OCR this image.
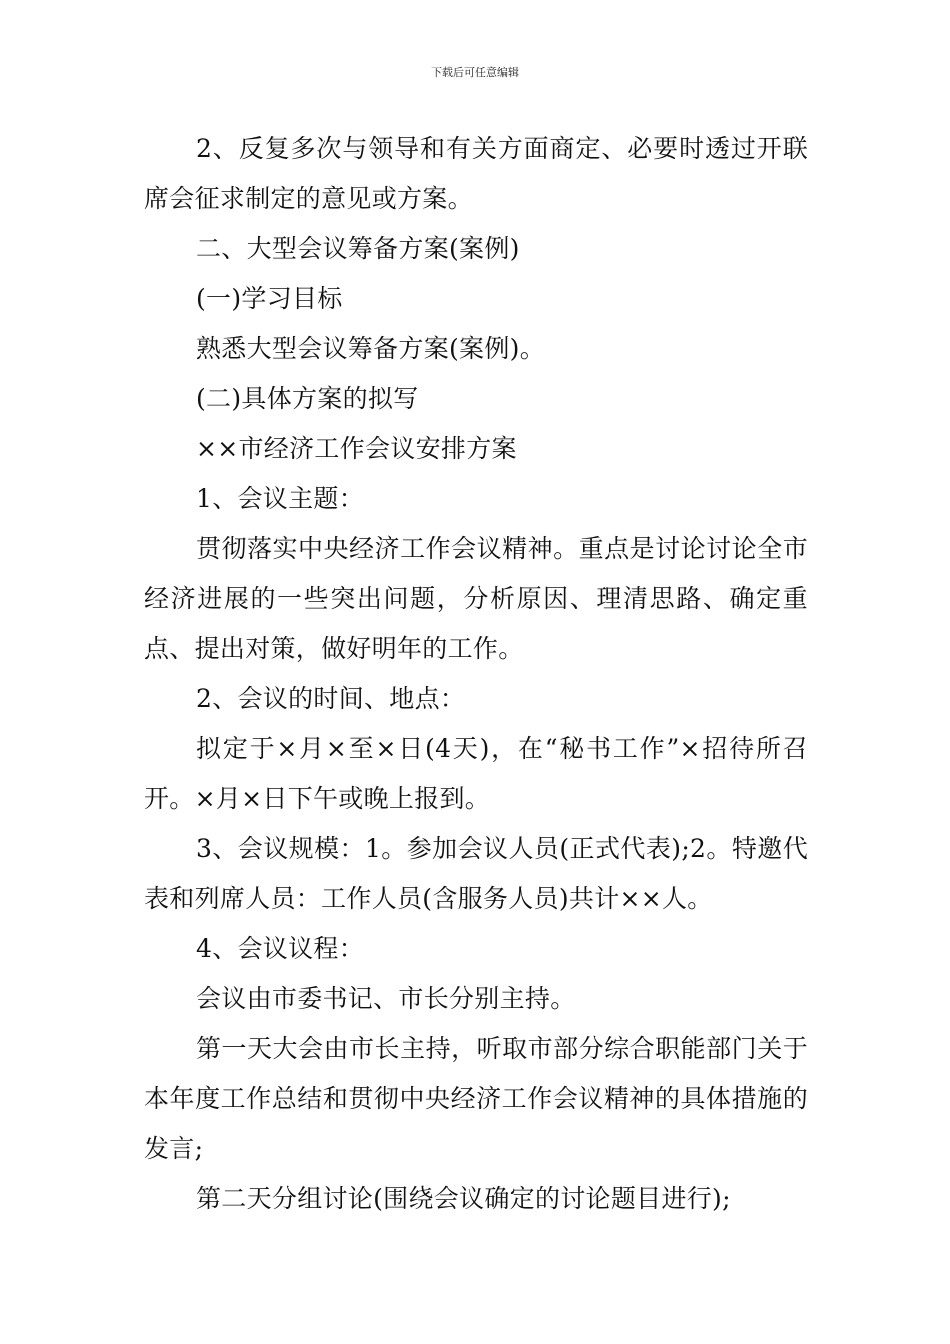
下载后可任意编辑

2、反复多次与领导和有关方面商定、必要时透过开联席会征求制定的意见或方案。

二、大型会议筹备方案(案例)

(一)学习目标

熟悉大型会议筹备方案(案例)。

(二)具体方案的拟写

××市经济工作会议安排方案

1、会议主题：

贯彻落实中央经济工作会议精神。重点是讨论讨论全市经济进展的一些突出问题，分析原因、理清思路、确定重点、提出对策，做好明年的工作。

2、会议的时间、地点：

拟定于×月×至×日(4天)，在“秘书工作”×招待所召开。×月×日下午或晚上报到。

3、会议规模：1。参加会议人员(正式代表);2。特邀代表和列席人员：工作人员(含服务人员)共计××人。

4、会议议程：

会议由市委书记、市长分别主持。

第一天大会由市长主持，听取市部分综合职能部门关于本年度工作总结和贯彻中央经济工作会议精神的具体措施的发言;

第二天分组讨论(围绕会议确定的讨论题目进行);
